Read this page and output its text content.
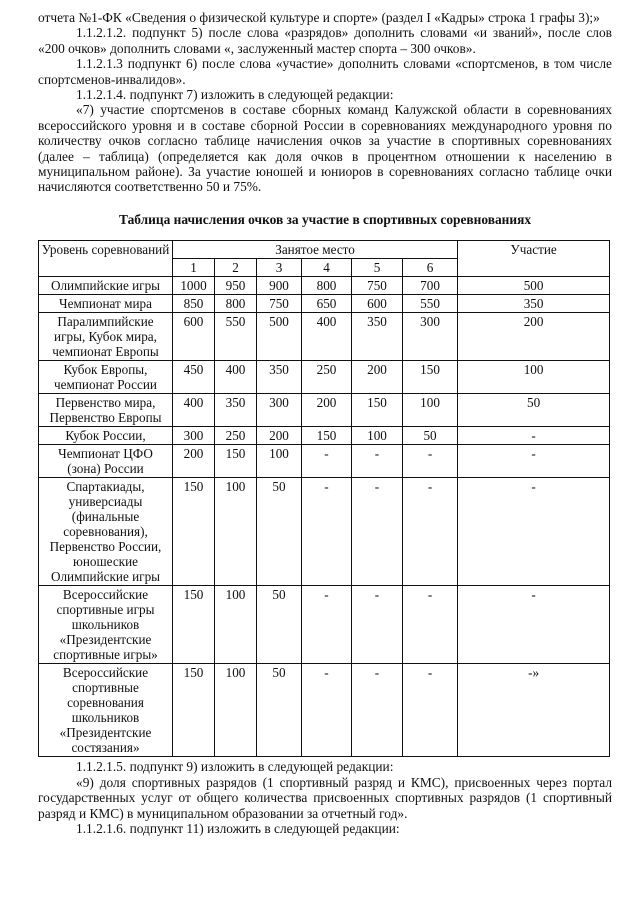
отчета №1-ФК «Сведения о физической культуре и спорте» (раздел I «Кадры» строка 1 графы 3);»

1.1.2.1.2. подпункт 5) после слова «разрядов» дополнить словами «и званий», после слов «200 очков» дополнить словами «, заслуженный мастер спорта – 300 очков».

1.1.2.1.3 подпункт 6) после слова «участие» дополнить словами «спортсменов, в том числе спортсменов-инвалидов».

1.1.2.1.4. подпункт 7) изложить в следующей редакции:

«7) участие спортсменов в составе сборных команд Калужской области в соревнованиях всероссийского уровня и в составе сборной России в соревнованиях международного уровня по количеству очков согласно таблице начисления очков за участие в спортивных соревнованиях (далее – таблица) (определяется как доля очков в процентном отношении к населению в муниципальном районе). За участие юношей и юниоров в соревнованиях согласно таблице очки начисляются соответственно 50 и 75%.

Таблица начисления очков за участие в спортивных соревнованиях
Уровень соревнований	Занятое место						Участие
	1	2	3	4	5	6	
Олимпийские игры	1000	950	900	800	750	700	500
Чемпионат мира	850	800	750	650	600	550	350
Паралимпийские игры, Кубок мира, чемпионат Европы	600	550	500	400	350	300	200
Кубок Европы, чемпионат России	450	400	350	250	200	150	100
Первенство мира, Первенство Европы	400	350	300	200	150	100	50
Кубок России,	300	250	200	150	100	50	-
Чемпионат ЦФО (зона) России	200	150	100	-	-	-	-
Спартакиады, универсиады (финальные соревнования), Первенство России, юношеские Олимпийские игры	150	100	50	-	-	-	-
Всероссийские спортивные игры школьников «Президентские спортивные игры»	150	100	50	-	-	-	-
Всероссийские спортивные соревнования школьников «Президентские состязания»	150	100	50	-	-	-	-»

1.1.2.1.5. подпункт 9) изложить в следующей редакции:

«9) доля спортивных разрядов (1 спортивный разряд и КМС), присвоенных через портал государственных услуг от общего количества присвоенных спортивных разрядов (1 спортивный разряд и КМС) в муниципальном образовании за отчетный год».

1.1.2.1.6. подпункт 11) изложить в следующей редакции:
